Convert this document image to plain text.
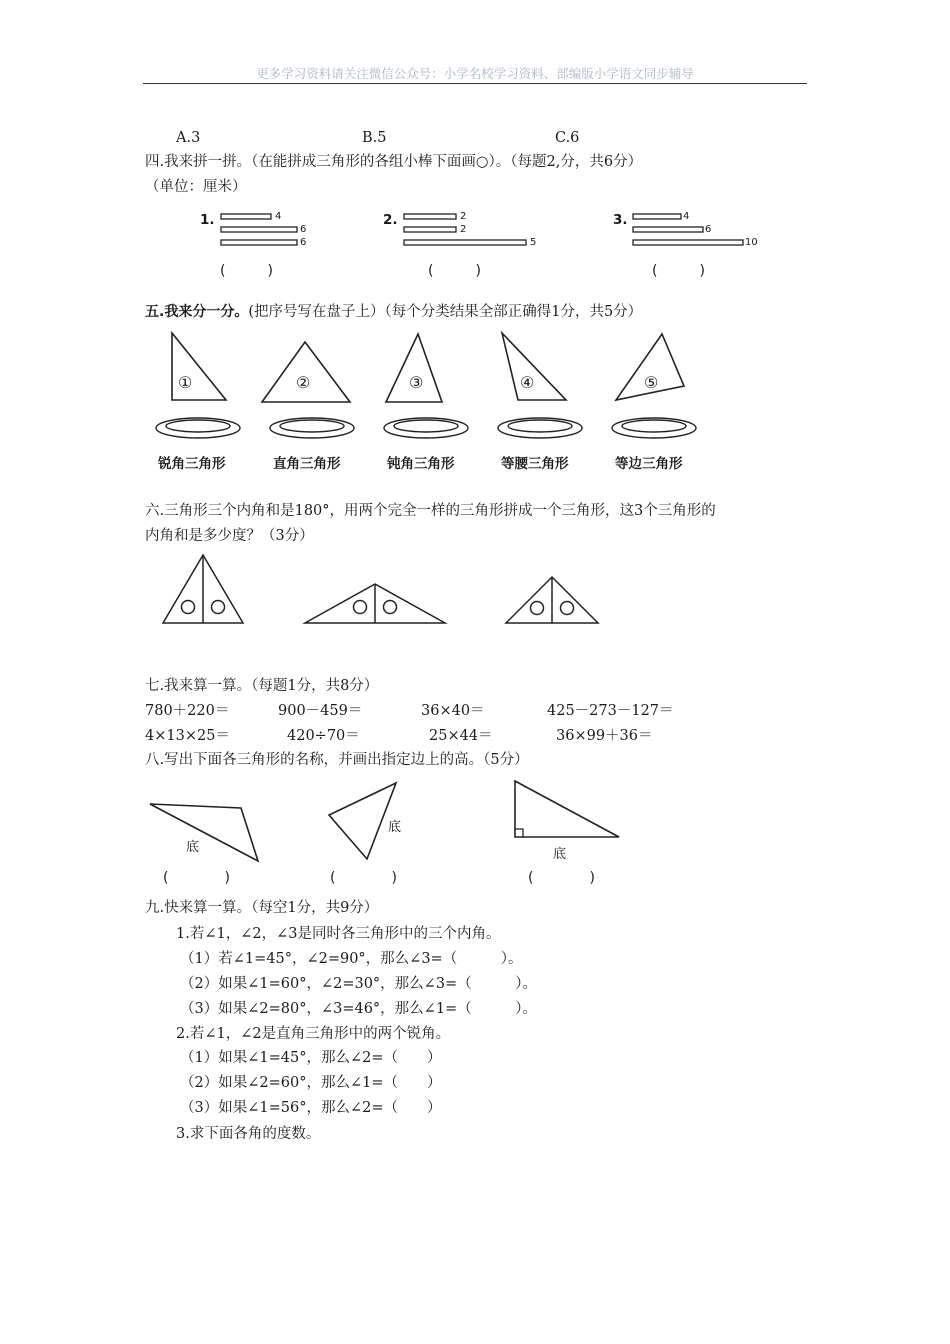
更多学习资料请关注微信公众号：小学名校学习资料、部编版小学语文同步辅导
A.3	B.5	C.6
四.我来拼一拼。（在能拼成三角形的各组小棒下面画○）。（每题2,分，共6分）
（单位：厘米）
1.	4
6
6
(　　　)
2.	2
2
5
(　　　)
3.	4
6
10
(　　　)
五.我来分一分。(把序号写在盘子上）（每个分类结果全部正确得1分，共5分）
①	②	③	④	⑤
锐角三角形	直角三角形	钝角三角形	等腰三角形	等边三角形
六.三角形三个内角和是180°，用两个完全一样的三角形拼成一个三角形，这3个三角形的
内角和是多少度？（3分）
七.我来算一算。（每题1分，共8分）
780＋220＝	900－459＝	36×40＝	425－273－127＝
4×13×25＝	420÷70＝	25×44＝	36×99＋36＝
八.写出下面各三角形的名称，并画出指定边上的高。（5分）
底
底
底
(　　　　)	(　　　　)	(　　　　)
九.快来算一算。（每空1分，共9分）
1.若∠1，∠2，∠3是同时各三角形中的三个内角。
（1）若∠1=45°，∠2=90°，那么∠3=（　　　）。
（2）如果∠1=60°，∠2=30°，那么∠3=（　　　）。
（3）如果∠2=80°，∠3=46°，那么∠1=（　　　）。
2.若∠1，∠2是直角三角形中的两个锐角。
（1）如果∠1=45°，那么∠2=（　　）
（2）如果∠2=60°，那么∠1=（　　）
（3）如果∠1=56°，那么∠2=（　　）
3.求下面各角的度数。
